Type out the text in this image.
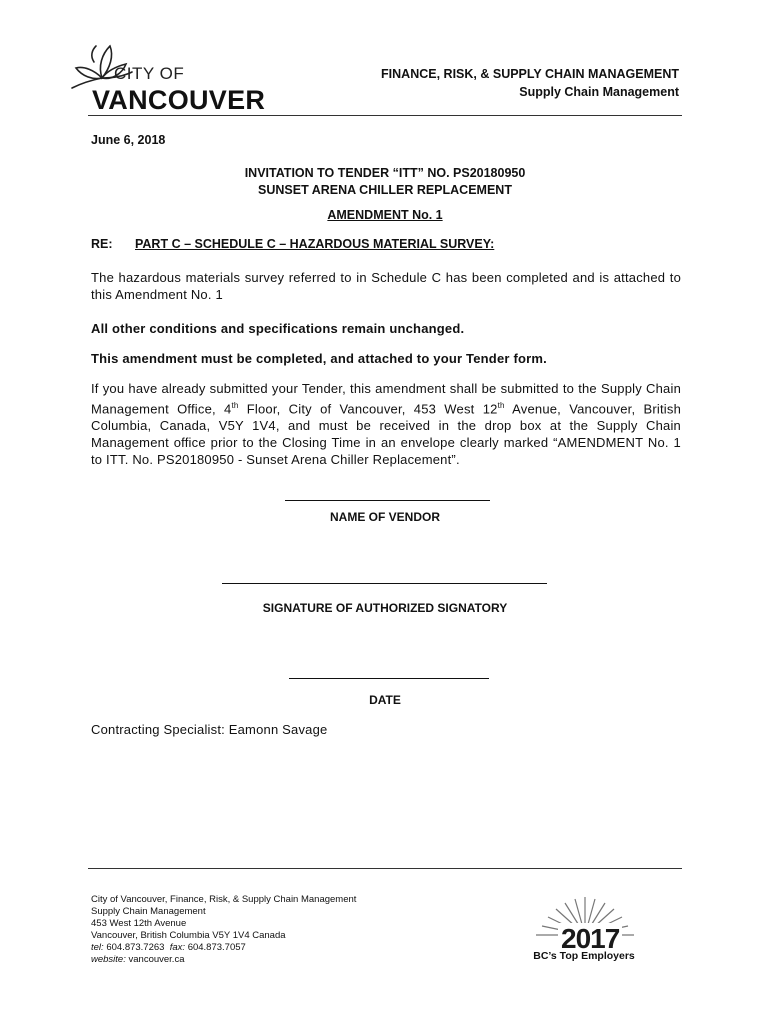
CITY OF
VANCOUVER
FINANCE, RISK, & SUPPLY CHAIN MANAGEMENT
Supply Chain Management
June 6, 2018
INVITATION TO TENDER “ITT” NO. PS20180950
SUNSET ARENA CHILLER REPLACEMENT
AMENDMENT No. 1
RE: PART C – SCHEDULE C – HAZARDOUS MATERIAL SURVEY:
The hazardous materials survey referred to in Schedule C has been completed and is attached to this Amendment No. 1
All other conditions and specifications remain unchanged.
This amendment must be completed, and attached to your Tender form.
If you have already submitted your Tender, this amendment shall be submitted to the Supply Chain Management Office, 4th Floor, City of Vancouver, 453 West 12th Avenue, Vancouver, British Columbia, Canada, V5Y 1V4, and must be received in the drop box at the Supply Chain Management office prior to the Closing Time in an envelope clearly marked “AMENDMENT No. 1 to ITT. No. PS20180950 - Sunset Arena Chiller Replacement”.
NAME OF VENDOR
SIGNATURE OF AUTHORIZED SIGNATORY
DATE
Contracting Specialist: Eamonn Savage
City of Vancouver, Finance, Risk, & Supply Chain Management
Supply Chain Management
453 West 12th Avenue
Vancouver, British Columbia V5Y 1V4 Canada
tel: 604.873.7263 fax: 604.873.7057
website: vancouver.ca
2017
BC’s Top Employers
